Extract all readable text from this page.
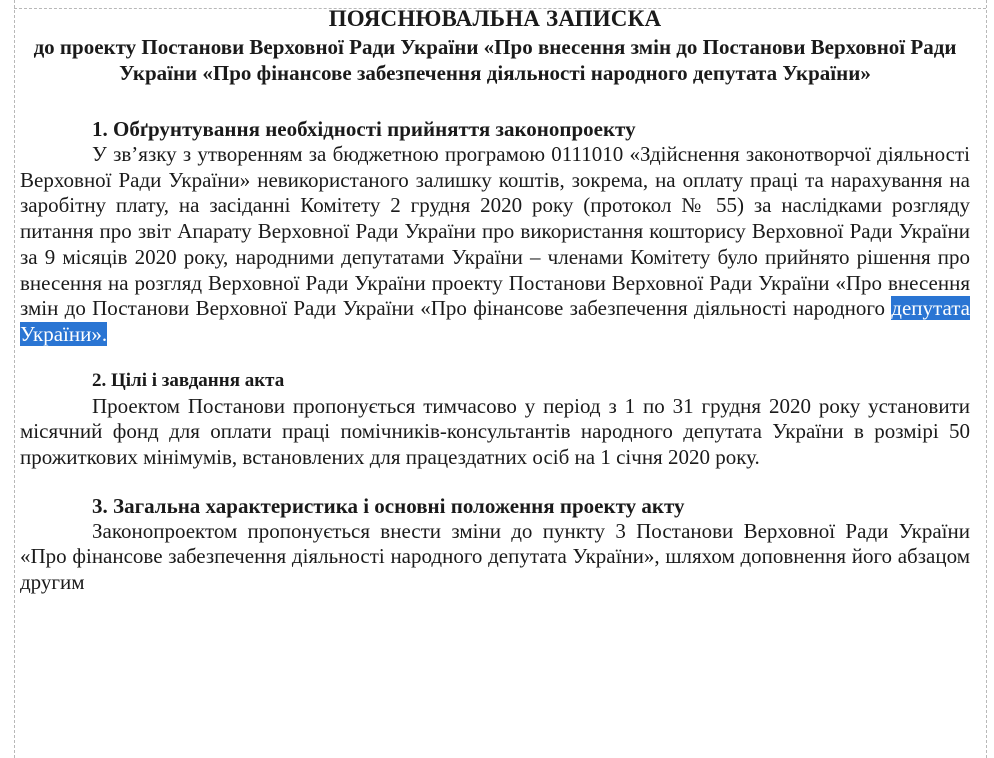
ПОЯСНЮВАЛЬНА ЗАПИСКА

до проекту Постанови Верховної Ради України «Про внесення змін до Постанови Верховної Ради України «Про фінансове забезпечення діяльності народного депутата України»

1. Обґрунтування необхідності прийняття законопроекту

У зв’язку з утворенням за бюджетною програмою 0111010 «Здійснення законотворчої діяльності Верховної Ради України» невикористаного залишку коштів, зокрема, на оплату праці та нарахування на заробітну плату, на засіданні Комітету 2 грудня 2020 року (протокол № 55) за наслідками розгляду питання про звіт Апарату Верховної Ради України про використання кошторису Верховної Ради України за 9 місяців 2020 року, народними депутатами України – членами Комітету було прийнято рішення про внесення на розгляд Верховної Ради України проекту Постанови Верховної Ради України «Про внесення змін до Постанови Верховної Ради України «Про фінансове забезпечення діяльності народного депутата України».

2. Цілі і завдання акта

Проектом Постанови пропонується тимчасово у період з 1 по 31 грудня 2020 року установити місячний фонд для оплати праці помічників-консультантів народного депутата України в розмірі 50 прожиткових мінімумів, встановлених для працездатних осіб на 1 січня 2020 року.

3. Загальна характеристика і основні положення проекту акту

Законопроектом пропонується внести зміни до пункту 3 Постанови Верховної Ради України «Про фінансове забезпечення діяльності народного депутата України», шляхом доповнення його абзацом другим
